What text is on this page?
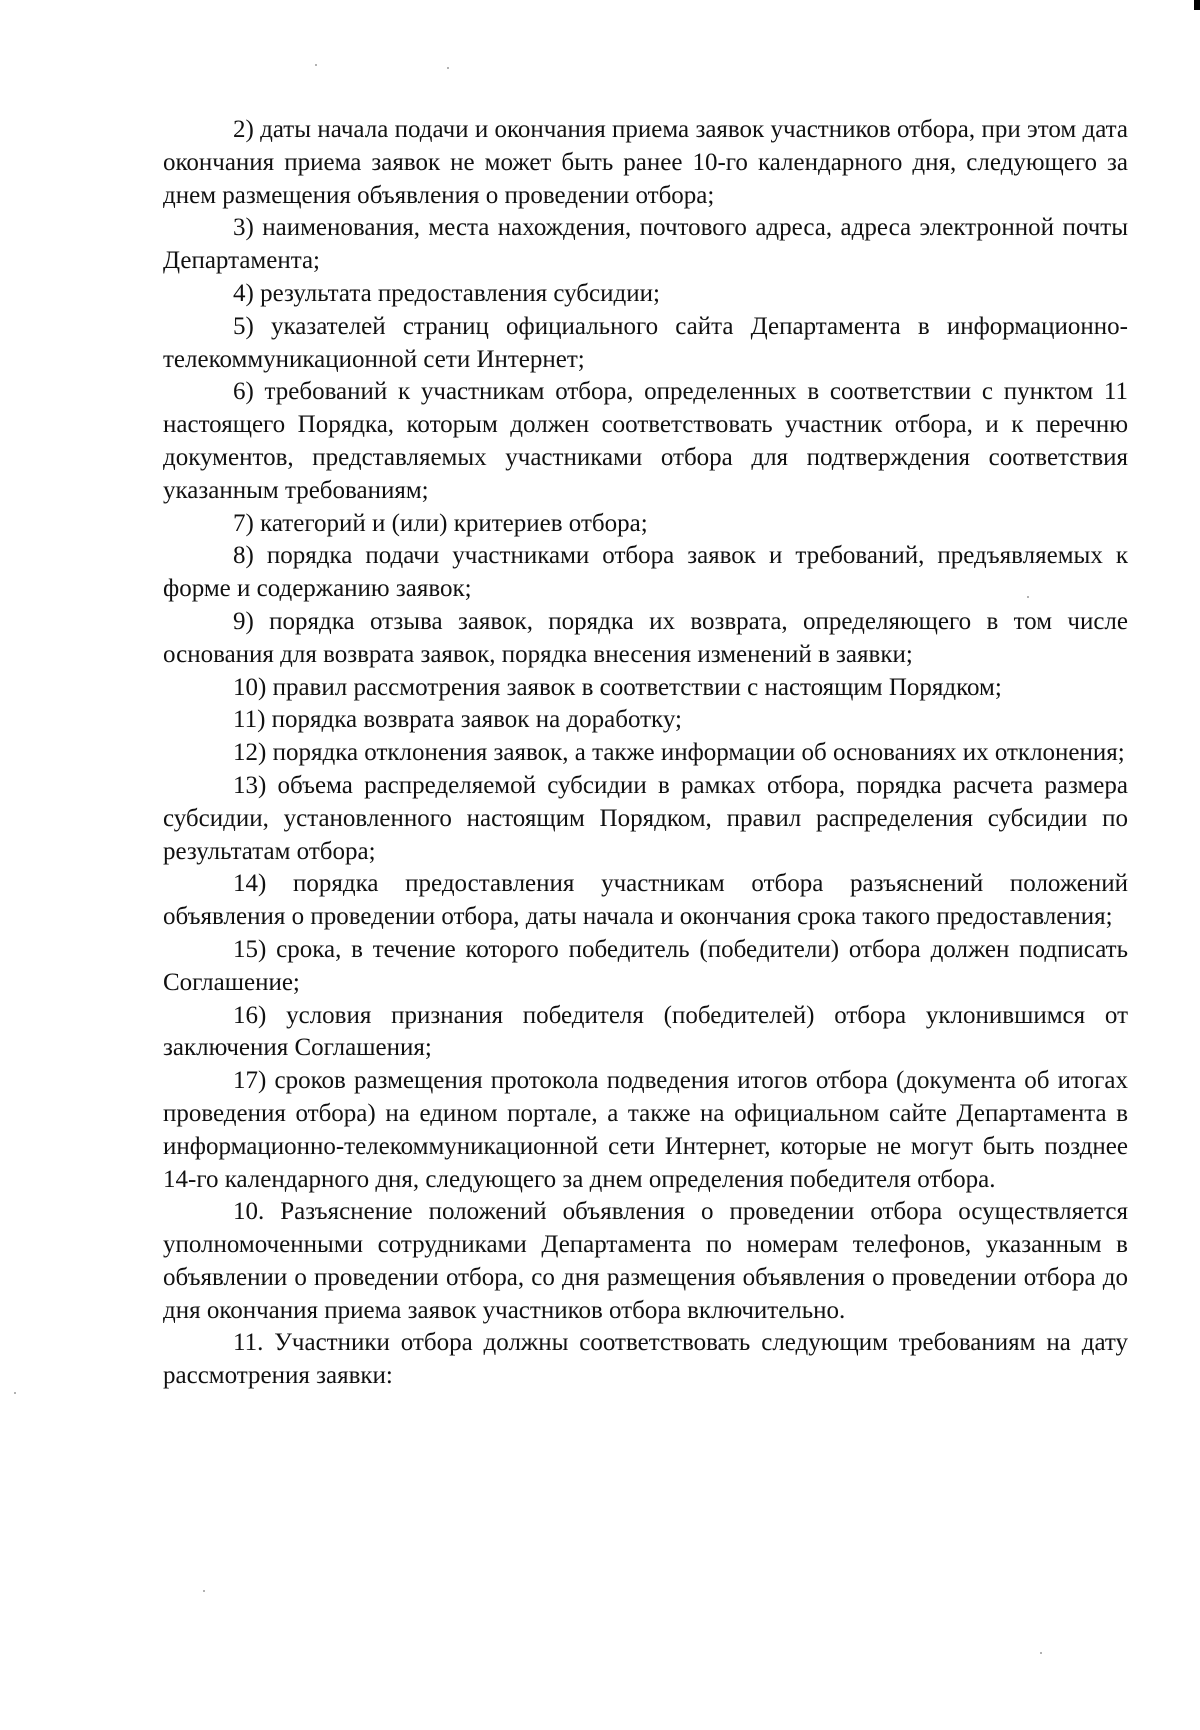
2) даты начала подачи и окончания приема заявок участников отбора, при этом дата окончания приема заявок не может быть ранее 10-го календарного дня, следующего за днем размещения объявления о проведении отбора;

3) наименования, места нахождения, почтового адреса, адреса электронной почты Департамента;

4) результата предоставления субсидии;

5) указателей страниц официального сайта Департамента в информационно-телекоммуникационной сети Интернет;

6) требований к участникам отбора, определенных в соответствии с пунктом 11 настоящего Порядка, которым должен соответствовать участник отбора, и к перечню документов, представляемых участниками отбора для подтверждения соответствия указанным требованиям;

7) категорий и (или) критериев отбора;

8) порядка подачи участниками отбора заявок и требований, предъявляемых к форме и содержанию заявок;

9) порядка отзыва заявок, порядка их возврата, определяющего в том числе основания для возврата заявок, порядка внесения изменений в заявки;

10) правил рассмотрения заявок в соответствии с настоящим Порядком;

11) порядка возврата заявок на доработку;

12) порядка отклонения заявок, а также информации об основаниях их отклонения;

13) объема распределяемой субсидии в рамках отбора, порядка расчета размера субсидии, установленного настоящим Порядком, правил распределения субсидии по результатам отбора;

14) порядка предоставления участникам отбора разъяснений положений объявления о проведении отбора, даты начала и окончания срока такого предоставления;

15) срока, в течение которого победитель (победители) отбора должен подписать Соглашение;

16) условия признания победителя (победителей) отбора уклонившимся от заключения Соглашения;

17) сроков размещения протокола подведения итогов отбора (документа об итогах проведения отбора) на едином портале, а также на официальном сайте Департамента в информационно-телекоммуникационной сети Интернет, которые не могут быть позднее 14-го календарного дня, следующего за днем определения победителя отбора.

10. Разъяснение положений объявления о проведении отбора осуществляется уполномоченными сотрудниками Департамента по номерам телефонов, указанным в объявлении о проведении отбора, со дня размещения объявления о проведении отбора до дня окончания приема заявок участников отбора включительно.

11. Участники отбора должны соответствовать следующим требованиям на дату рассмотрения заявки:
